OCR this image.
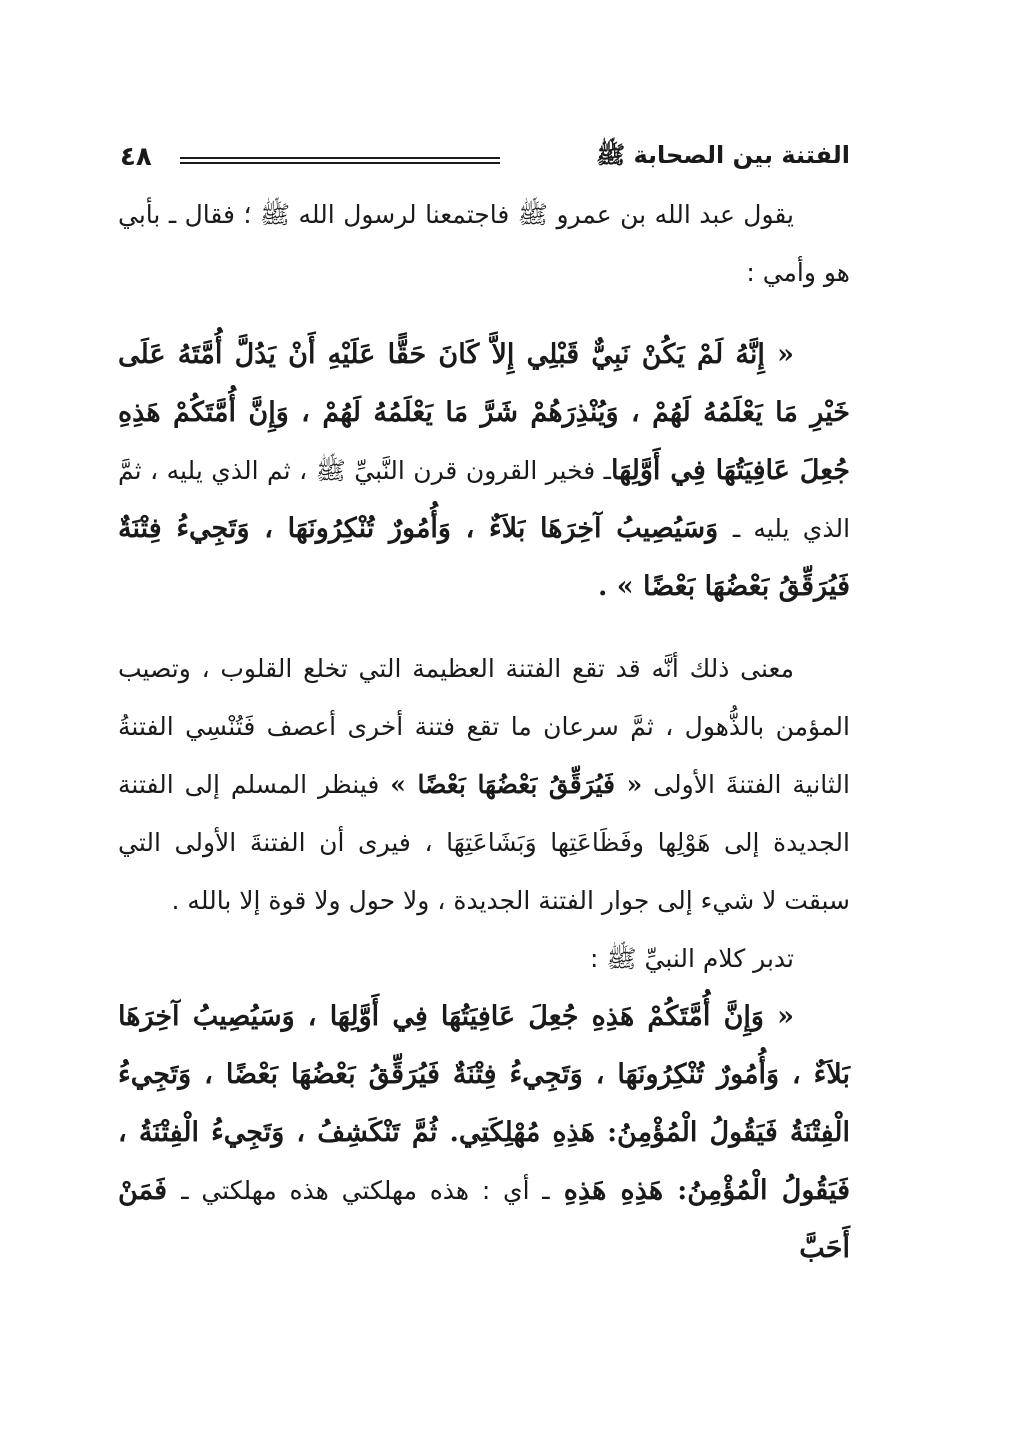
٤٨	الفتنة بين الصحابة ﷺ

يقول عبد الله بن عمرو ﷺ فاجتمعنا لرسول الله ﷺ ؛ فقال ـ بأبي هو وأمي :

« إِنَّهُ لَمْ يَكُنْ نَبِيٌّ قَبْلِي إِلاَّ كَانَ حَقًّا عَلَيْهِ أَنْ يَدُلَّ أُمَّتَهُ عَلَى خَيْرِ مَا يَعْلَمُهُ لَهُمْ ، وَيُنْذِرَهُمْ شَرَّ مَا يَعْلَمُهُ لَهُمْ ، وَإِنَّ أُمَّتَكُمْ هَذِهِ جُعِلَ عَافِيَتُهَا فِي أَوَّلِهَاـ فخير القرون قرن النَّبيِّ ﷺ ، ثم الذي يليه ، ثمَّ الذي يليه ـ وَسَيُصِيبُ آخِرَهَا بَلاَءٌ ، وَأُمُورٌ تُنْكِرُونَهَا ، وَتَجِيءُ فِتْنَةٌ فَيُرَقِّقُ بَعْضُهَا بَعْضًا » .

معنى ذلك أنَّه قد تقع الفتنة العظيمة التي تخلع القلوب ، وتصيب المؤمن بالذُّهول ، ثمَّ سرعان ما تقع فتنة أخرى أعصف فَتُنْسِي الفتنةُ الثانية الفتنةَ الأولى « فَيُرَقِّقُ بَعْضُهَا بَعْضًا » فينظر المسلم إلى الفتنة الجديدة إلى هَوْلِها وفَظَاعَتِها وَبَشَاعَتِهَا ، فيرى أن الفتنةَ الأولى التي سبقت لا شيء إلى جوار الفتنة الجديدة ، ولا حول ولا قوة إلا بالله .

تدبر كلام النبيِّ ﷺ :

« وَإِنَّ أُمَّتَكُمْ هَذِهِ جُعِلَ عَافِيَتُهَا فِي أَوَّلِهَا ، وَسَيُصِيبُ آخِرَهَا بَلاَءٌ ، وَأُمُورٌ تُنْكِرُونَهَا ، وَتَجِيءُ فِتْنَةٌ فَيُرَقِّقُ بَعْضُهَا بَعْضًا ، وَتَجِيءُ الْفِتْنَةُ فَيَقُولُ الْمُؤْمِنُ: هَذِهِ مُهْلِكَتِي. ثُمَّ تَنْكَشِفُ ، وَتَجِيءُ الْفِتْنَةُ ، فَيَقُولُ الْمُؤْمِنُ: هَذِهِ هَذِهِ ـ أي : هذه مهلكتي هذه مهلكتي ـ فَمَنْ أَحَبَّ
